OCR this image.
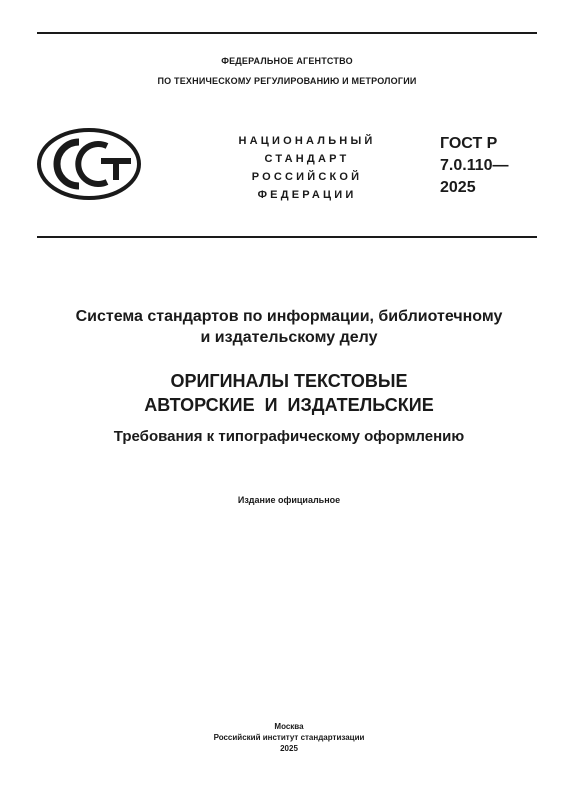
ФЕДЕРАЛЬНОЕ АГЕНТСТВО
ПО ТЕХНИЧЕСКОМУ РЕГУЛИРОВАНИЮ И МЕТРОЛОГИИ
НАЦИОНАЛЬНЫЙ
СТАНДАРТ
РОССИЙСКОЙ
ФЕДЕРАЦИИ
ГОСТ Р
7.0.110—
2025
Система стандартов по информации, библиотечному
и издательскому делу
ОРИГИНАЛЫ ТЕКСТОВЫЕ
АВТОРСКИЕ  И  ИЗДАТЕЛЬСКИЕ
Требования к типографическому оформлению
Издание официальное
Москва
Российский институт стандартизации
2025
